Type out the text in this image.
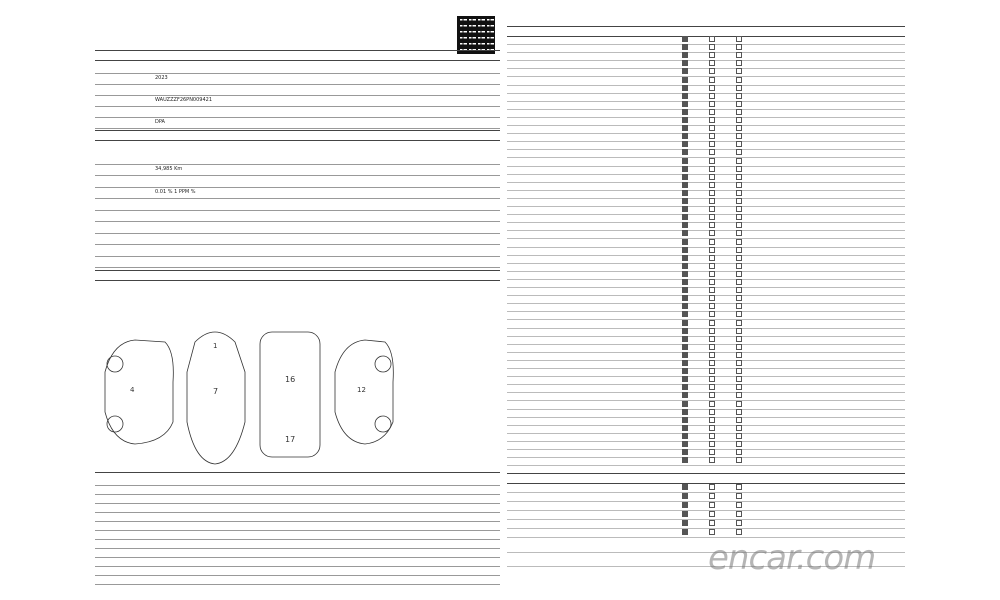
2023
WAUZZZF26PN009421
DPA
34,985 Km
0.01 % 1 PPM %
4
1
7
16
17
12
encar.com
